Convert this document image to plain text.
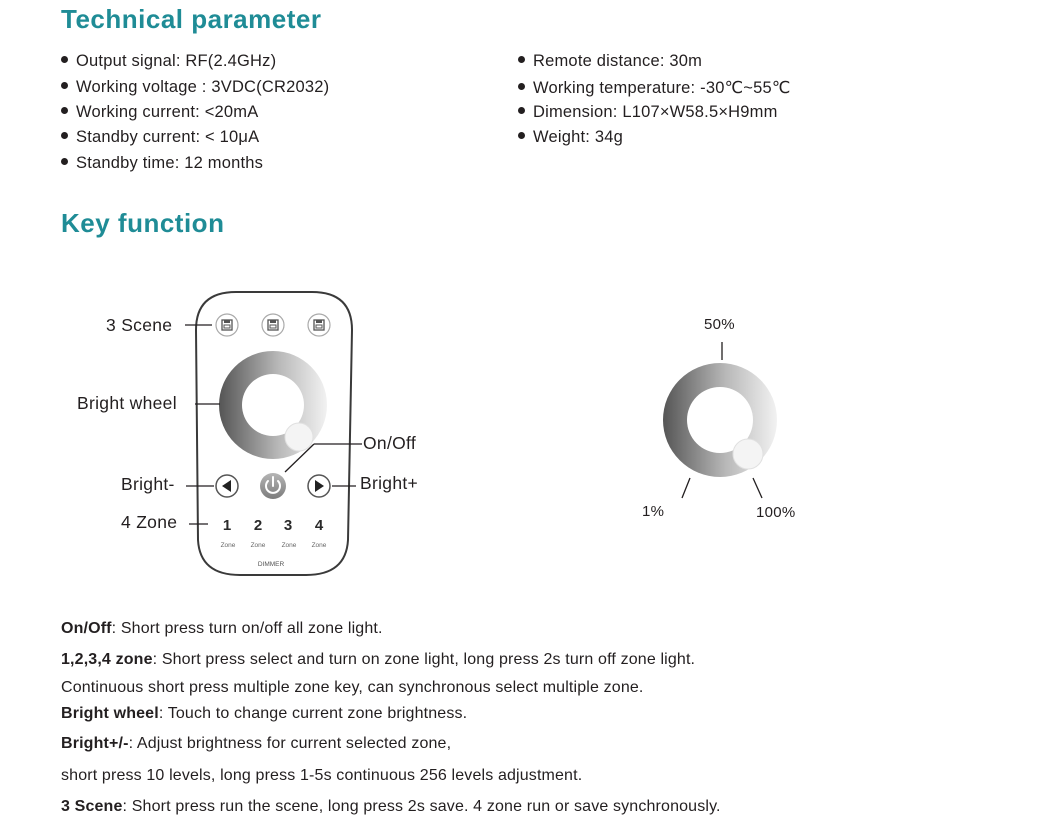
Technical parameter
Output signal: RF(2.4GHz)
Working voltage : 3VDC(CR2032)
Working current: <20mA
Standby current: < 10μA
Standby time: 12 months
Remote distance: 30m
Working temperature: -30℃~55℃
Dimension: L107×W58.5×H9mm
Weight: 34g
Key function
1
Zone
2
Zone
3
Zone
4
Zone
DIMMER
3 Scene
Bright wheel
On/Off
Bright-	Bright+
4 Zone
50%
1%	100%
On/Off: Short press turn on/off all zone light.
1,2,3,4 zone: Short press select and turn on zone light, long press 2s turn off zone light.
Continuous short press multiple zone key, can synchronous select multiple zone.
Bright wheel: Touch to change current zone brightness.
Bright+/-: Adjust brightness for current selected zone,
short press 10 levels, long press 1-5s continuous 256 levels adjustment.
3 Scene: Short press run the scene, long press 2s save. 4 zone run or save synchronously.
